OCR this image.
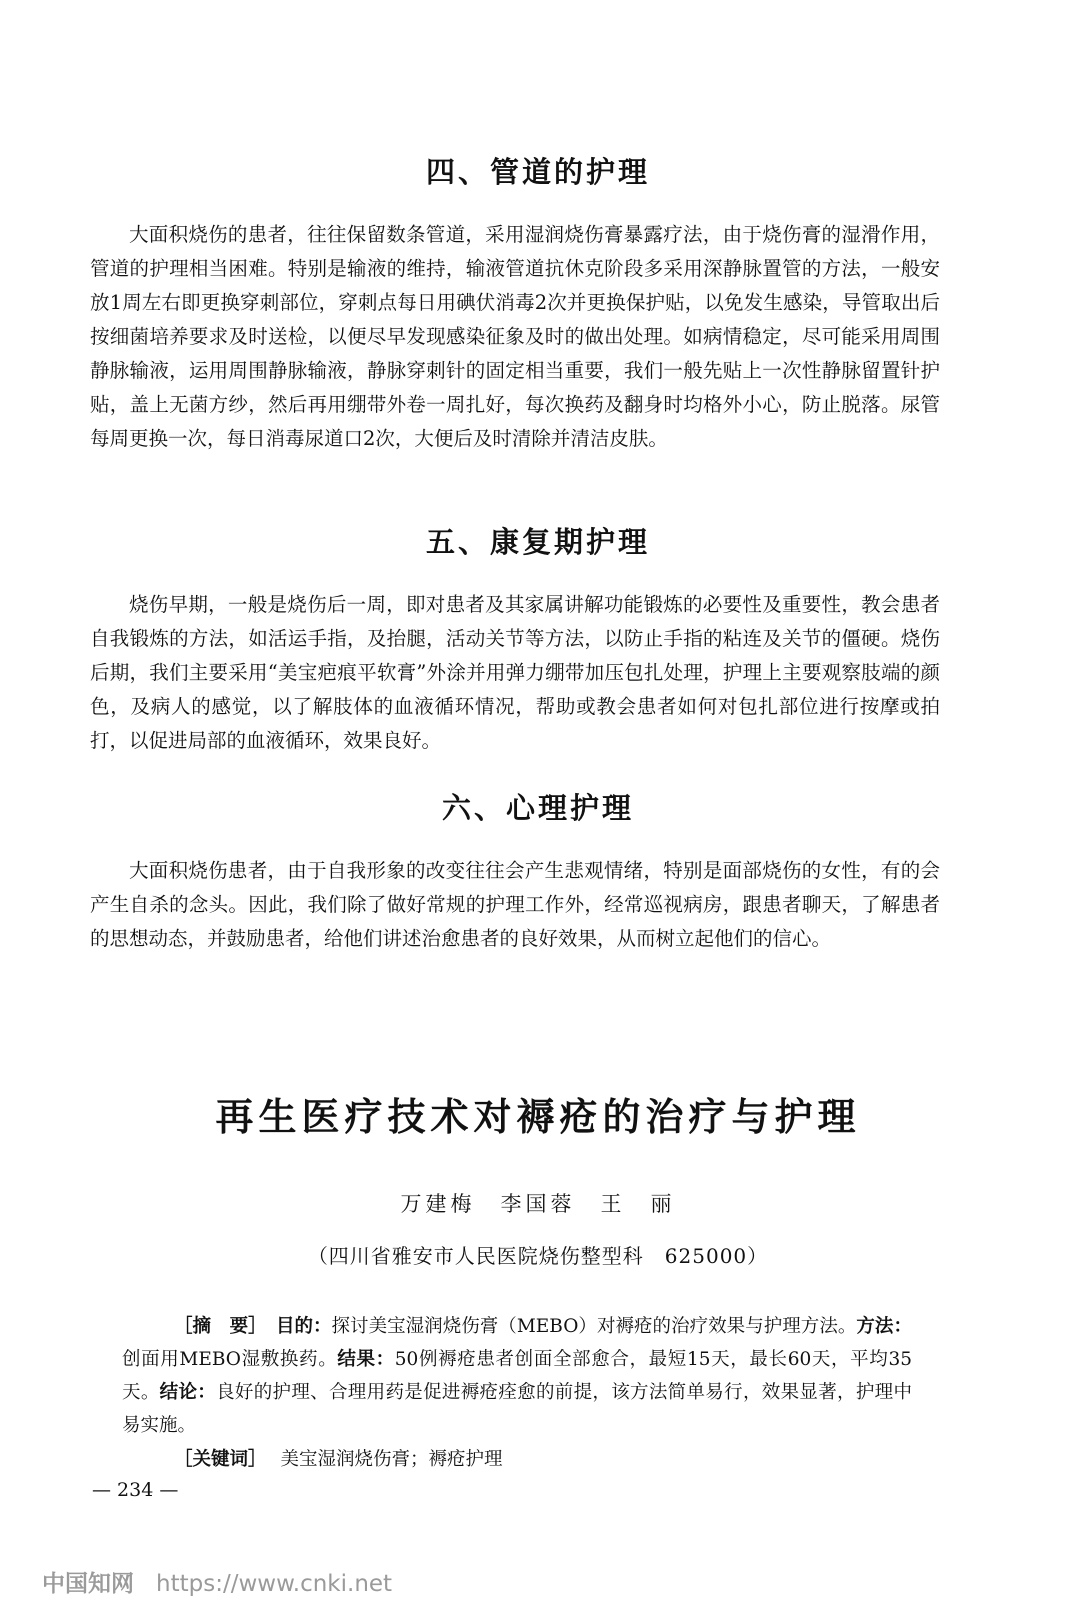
四、管道的护理

大面积烧伤的患者，往往保留数条管道，采用湿润烧伤膏暴露疗法，由于烧伤膏的湿滑作用，管道的护理相当困难。特别是输液的维持，输液管道抗休克阶段多采用深静脉置管的方法，一般安放1周左右即更换穿刺部位，穿刺点每日用碘伏消毒2次并更换保护贴，以免发生感染，导管取出后按细菌培养要求及时送检，以便尽早发现感染征象及时的做出处理。如病情稳定，尽可能采用周围静脉输液，运用周围静脉输液，静脉穿刺针的固定相当重要，我们一般先贴上一次性静脉留置针护贴，盖上无菌方纱，然后再用绷带外卷一周扎好，每次换药及翻身时均格外小心，防止脱落。尿管每周更换一次，每日消毒尿道口2次，大便后及时清除并清洁皮肤。

五、康复期护理

烧伤早期，一般是烧伤后一周，即对患者及其家属讲解功能锻炼的必要性及重要性，教会患者自我锻炼的方法，如活运手指，及抬腿，活动关节等方法，以防止手指的粘连及关节的僵硬。烧伤后期，我们主要采用“美宝疤痕平软膏”外涂并用弹力绷带加压包扎处理，护理上主要观察肢端的颜色，及病人的感觉，以了解肢体的血液循环情况，帮助或教会患者如何对包扎部位进行按摩或拍打，以促进局部的血液循环，效果良好。

六、心理护理

大面积烧伤患者，由于自我形象的改变往往会产生悲观情绪，特别是面部烧伤的女性，有的会产生自杀的念头。因此，我们除了做好常规的护理工作外，经常巡视病房，跟患者聊天，了解患者的思想动态，并鼓励患者，给他们讲述治愈患者的良好效果，从而树立起他们的信心。

再生医疗技术对褥疮的治疗与护理

万建梅　李国蓉　王　丽

（四川省雅安市人民医院烧伤整型科　625000）

［摘　要］　 目的：探讨美宝湿润烧伤膏（MEBO）对褥疮的治疗效果与护理方法。方法：创面用MEBO湿敷换药。结果：50例褥疮患者创面全部愈合，最短15天，最长60天，平均35天。结论：良好的护理、合理用药是促进褥疮痊愈的前提，该方法简单易行，效果显著，护理中易实施。

［关键词］ 美宝湿润烧伤膏；褥疮护理

— 234 —

中国知网 https://www.cnki.net
